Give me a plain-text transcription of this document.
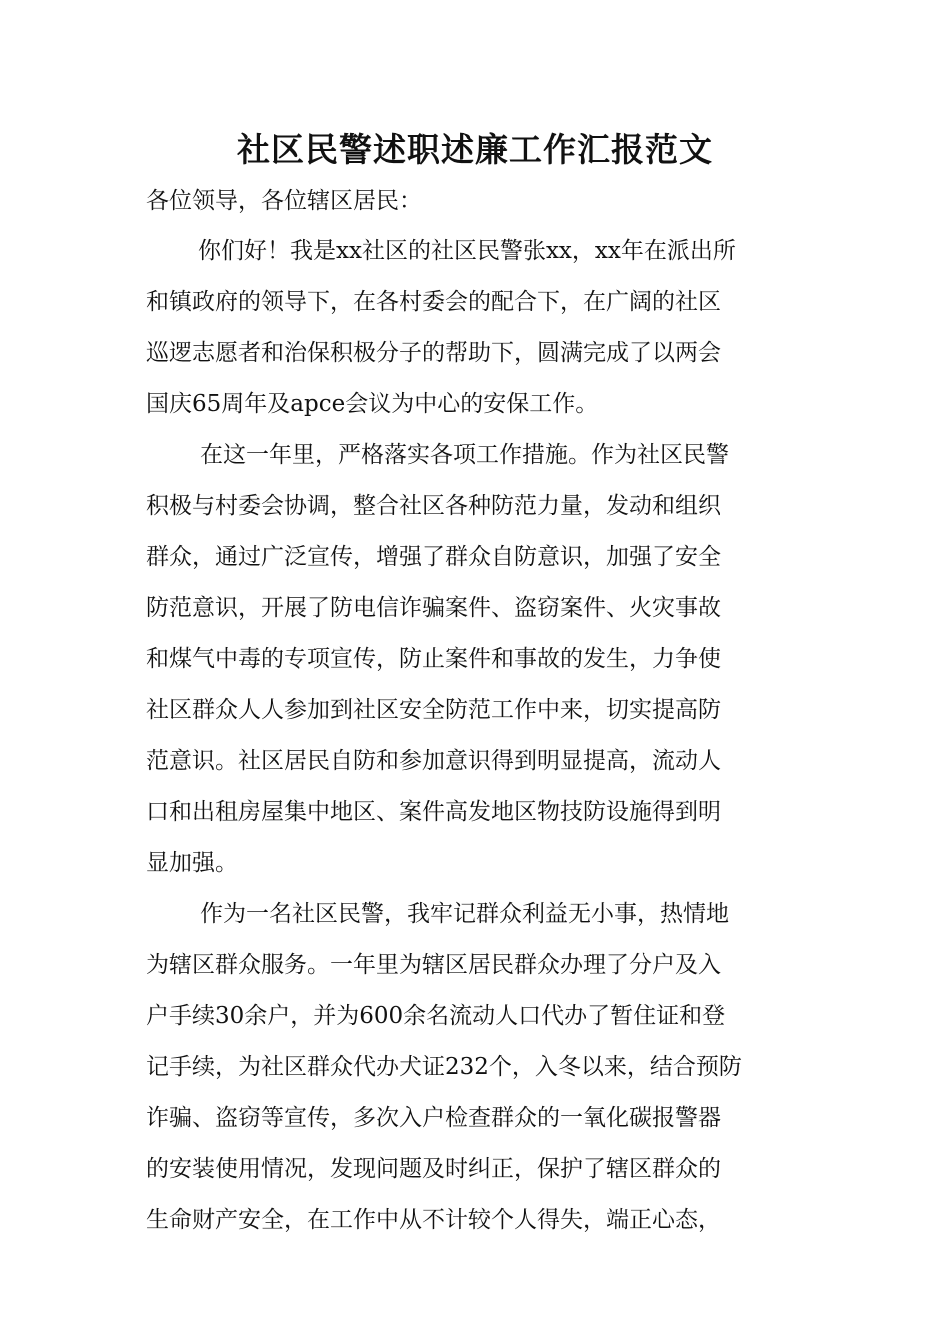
社区民警述职述廉工作汇报范文

各位领导，各位辖区居民：

你们好！我是xx社区的社区民警张xx，xx年在派出所
和镇政府的领导下，在各村委会的配合下，在广阔的社区
巡逻志愿者和治保积极分子的帮助下，圆满完成了以两会
国庆65周年及apce会议为中心的安保工作。
在这一年里，严格落实各项工作措施。作为社区民警
积极与村委会协调，整合社区各种防范力量，发动和组织
群众，通过广泛宣传，增强了群众自防意识，加强了安全
防范意识，开展了防电信诈骗案件、盗窃案件、火灾事故
和煤气中毒的专项宣传，防止案件和事故的发生，力争使
社区群众人人参加到社区安全防范工作中来，切实提高防
范意识。社区居民自防和参加意识得到明显提高，流动人
口和出租房屋集中地区、案件高发地区物技防设施得到明
显加强。
作为一名社区民警，我牢记群众利益无小事，热情地
为辖区群众服务。一年里为辖区居民群众办理了分户及入
户手续30余户，并为600余名流动人口代办了暂住证和登
记手续，为社区群众代办犬证232个，入冬以来，结合预防
诈骗、盗窃等宣传，多次入户检查群众的一氧化碳报警器
的安装使用情况，发现问题及时纠正，保护了辖区群众的
生命财产安全，在工作中从不计较个人得失，端正心态，
